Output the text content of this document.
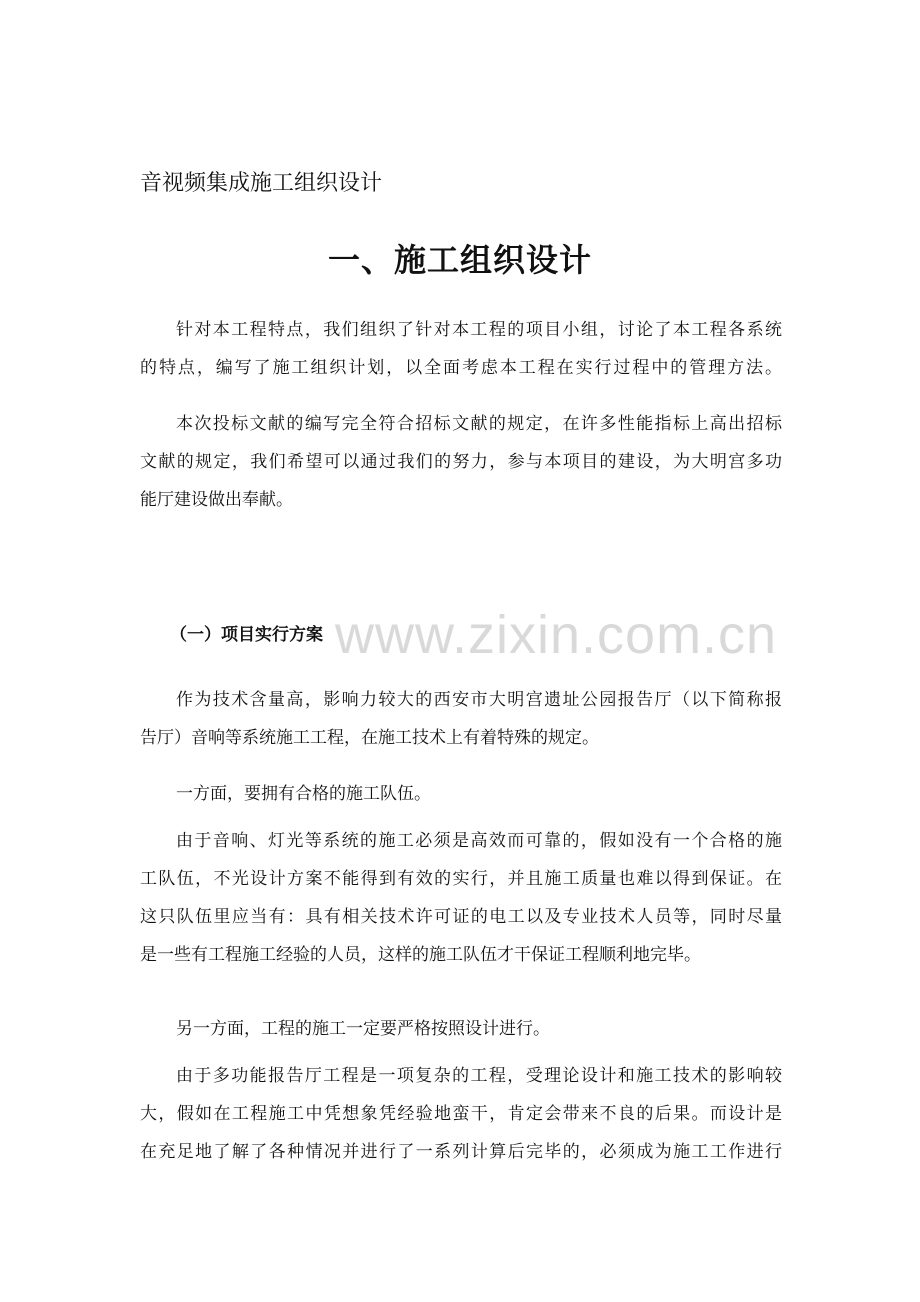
音视频集成施工组织设计
一、施工组织设计
针对本工程特点，我们组织了针对本工程的项目小组，讨论了本工程各系统
的特点，编写了施工组织计划，以全面考虑本工程在实行过程中的管理方法。
本次投标文献的编写完全符合招标文献的规定，在许多性能指标上高出招标
文献的规定，我们希望可以通过我们的努力，参与本项目的建设，为大明宫多功
能厅建设做出奉献。
www.zixin.com.cn
（一）项目实行方案
作为技术含量高，影响力较大的西安市大明宫遗址公园报告厅（以下简称报
告厅）音响等系统施工工程，在施工技术上有着特殊的规定。
一方面，要拥有合格的施工队伍。
由于音响、灯光等系统的施工必须是高效而可靠的，假如没有一个合格的施
工队伍，不光设计方案不能得到有效的实行，并且施工质量也难以得到保证。在
这只队伍里应当有：具有相关技术许可证的电工以及专业技术人员等，同时尽量
是一些有工程施工经验的人员，这样的施工队伍才干保证工程顺利地完毕。
另一方面，工程的施工一定要严格按照设计进行。
由于多功能报告厅工程是一项复杂的工程，受理论设计和施工技术的影响较
大，假如在工程施工中凭想象凭经验地蛮干，肯定会带来不良的后果。而设计是
在充足地了解了各种情况并进行了一系列计算后完毕的，必须成为施工工作进行
